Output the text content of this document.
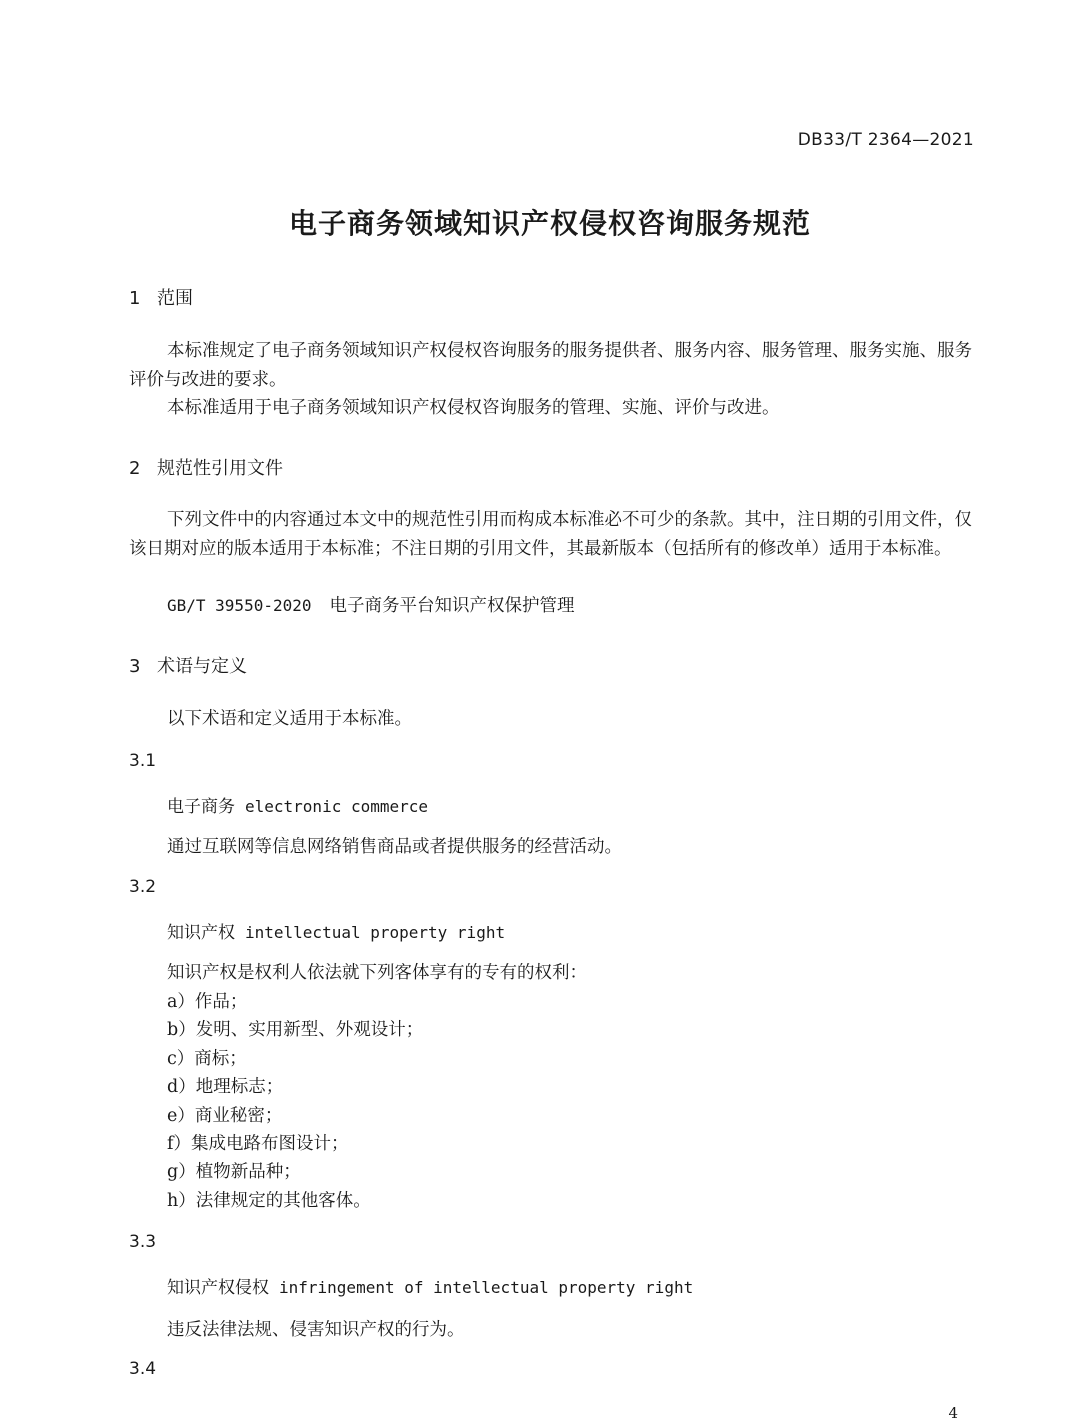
DB33/T 2364—2021
电子商务领域知识产权侵权咨询服务规范
1 范围
本标准规定了电子商务领域知识产权侵权咨询服务的服务提供者、服务内容、服务管理、服务实施、服务评价与改进的要求。
本标准适用于电子商务领域知识产权侵权咨询服务的管理、实施、评价与改进。
2 规范性引用文件
下列文件中的内容通过本文中的规范性引用而构成本标准必不可少的条款。其中，注日期的引用文件，仅该日期对应的版本适用于本标准；不注日期的引用文件，其最新版本（包括所有的修改单）适用于本标准。
GB/T 39550-2020 电子商务平台知识产权保护管理
3 术语与定义
以下术语和定义适用于本标准。
3.1
电子商务 electronic commerce
通过互联网等信息网络销售商品或者提供服务的经营活动。
3.2
知识产权 intellectual property right
知识产权是权利人依法就下列客体享有的专有的权利：
a）作品；
b）发明、实用新型、外观设计；
c）商标；
d）地理标志；
e）商业秘密；
f）集成电路布图设计；
g）植物新品种；
h）法律规定的其他客体。
3.3
知识产权侵权 infringement of intellectual property right
违反法律法规、侵害知识产权的行为。
3.4
4
